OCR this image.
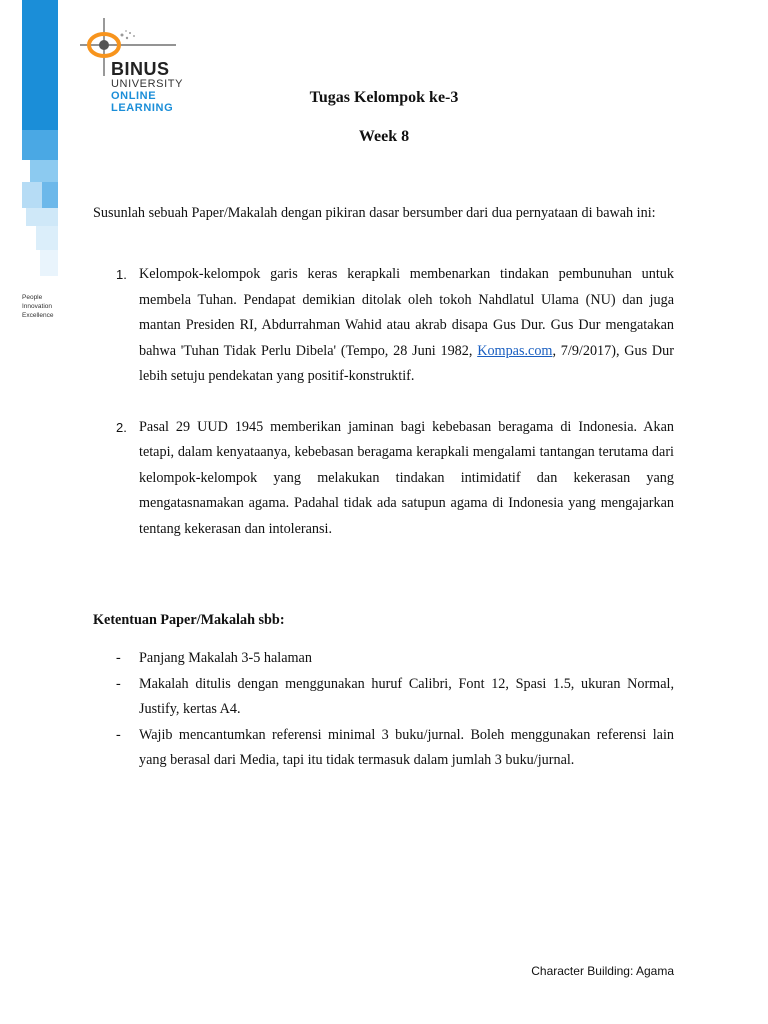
People
Innovation
Excellence
BINUS
UNIVERSITY
ONLINE
LEARNING
Tugas Kelompok ke-3
Week 8
Susunlah sebuah Paper/Makalah dengan pikiran dasar bersumber dari dua pernyataan di bawah ini:
1. Kelompok-kelompok garis keras kerapkali membenarkan tindakan pembunuhan untuk membela Tuhan. Pendapat demikian ditolak oleh tokoh Nahdlatul Ulama (NU) dan juga mantan Presiden RI, Abdurrahman Wahid atau akrab disapa Gus Dur. Gus Dur mengatakan bahwa 'Tuhan Tidak Perlu Dibela' (Tempo, 28 Juni 1982, Kompas.com, 7/9/2017), Gus Dur lebih setuju pendekatan yang positif-konstruktif.
2. Pasal 29 UUD 1945 memberikan jaminan bagi kebebasan beragama di Indonesia. Akan tetapi, dalam kenyataanya, kebebasan beragama kerapkali mengalami tantangan terutama dari kelompok-kelompok yang melakukan tindakan intimidatif dan kekerasan yang mengatasnamakan agama. Padahal tidak ada satupun agama di Indonesia yang mengajarkan tentang kekerasan dan intoleransi.
Ketentuan Paper/Makalah sbb:
- Panjang Makalah 3-5 halaman
- Makalah ditulis dengan menggunakan huruf Calibri, Font 12, Spasi 1.5, ukuran Normal, Justify, kertas A4.
- Wajib mencantumkan referensi minimal 3 buku/jurnal. Boleh menggunakan referensi lain yang berasal dari Media, tapi itu tidak termasuk dalam jumlah 3 buku/jurnal.
Character Building: Agama
